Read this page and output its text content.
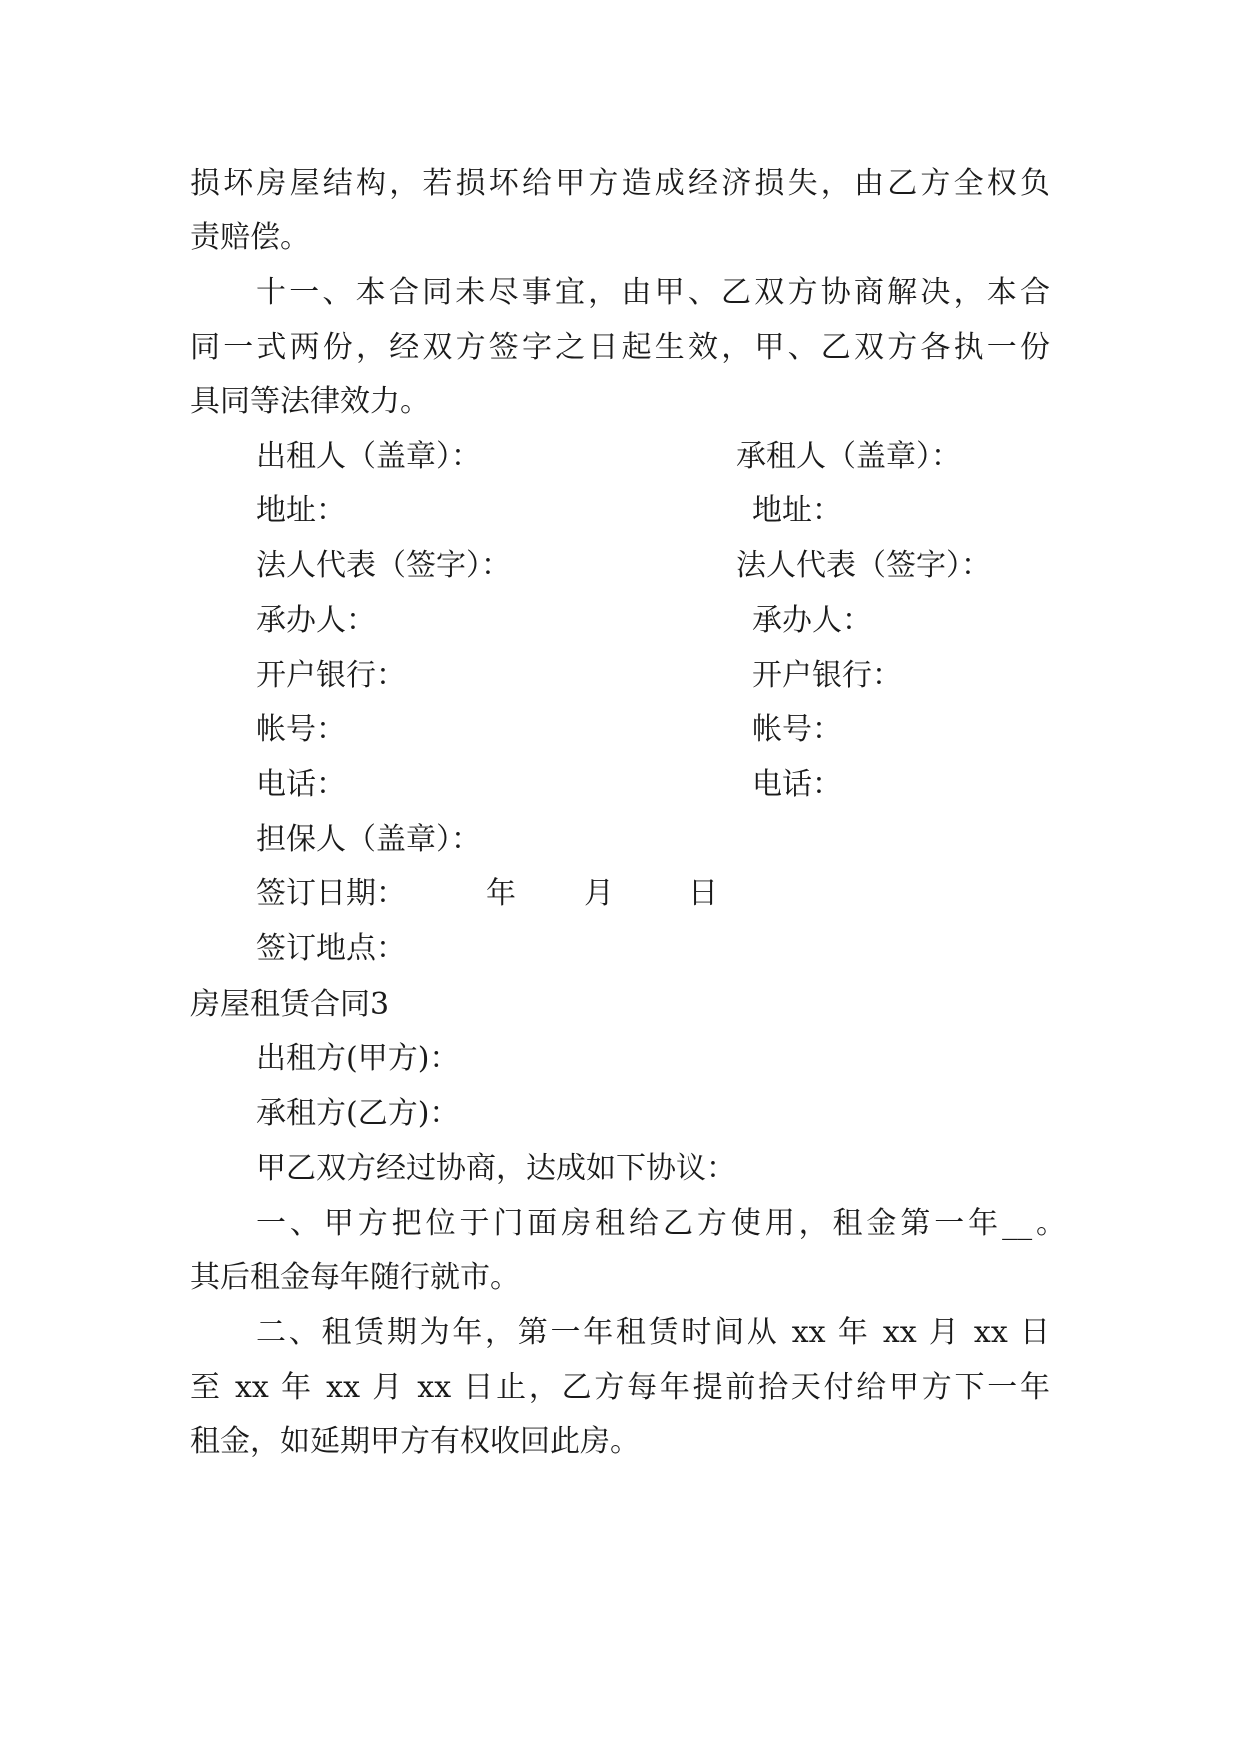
损坏房屋结构，若损坏给甲方造成经济损失，由乙方全权负
责赔偿。
十一、本合同未尽事宜，由甲、乙双方协商解决，本合
同一式两份，经双方签字之日起生效，甲、乙双方各执一份
具同等法律效力。
出租人（盖章）：
地址：
法人代表（签字）：
承办人：
开户银行：
帐号：
电话：
担保人（盖章）：
签订日期：	年 月 日
签订地点：
承租人（盖章）：
地址：
法人代表（签字）：
承办人：
开户银行：
帐号：
电话：
房屋租赁合同3
出租方(甲方)：
承租方(乙方)：
甲乙双方经过协商，达成如下协议：
一、甲方把位于门面房租给乙方使用，租金第一年__。
其后租金每年随行就市。
二、租赁期为年，第一年租赁时间从 xx 年 xx 月 xx 日
至 xx 年 xx 月 xx 日止，乙方每年提前拾天付给甲方下一年
租金，如延期甲方有权收回此房。
